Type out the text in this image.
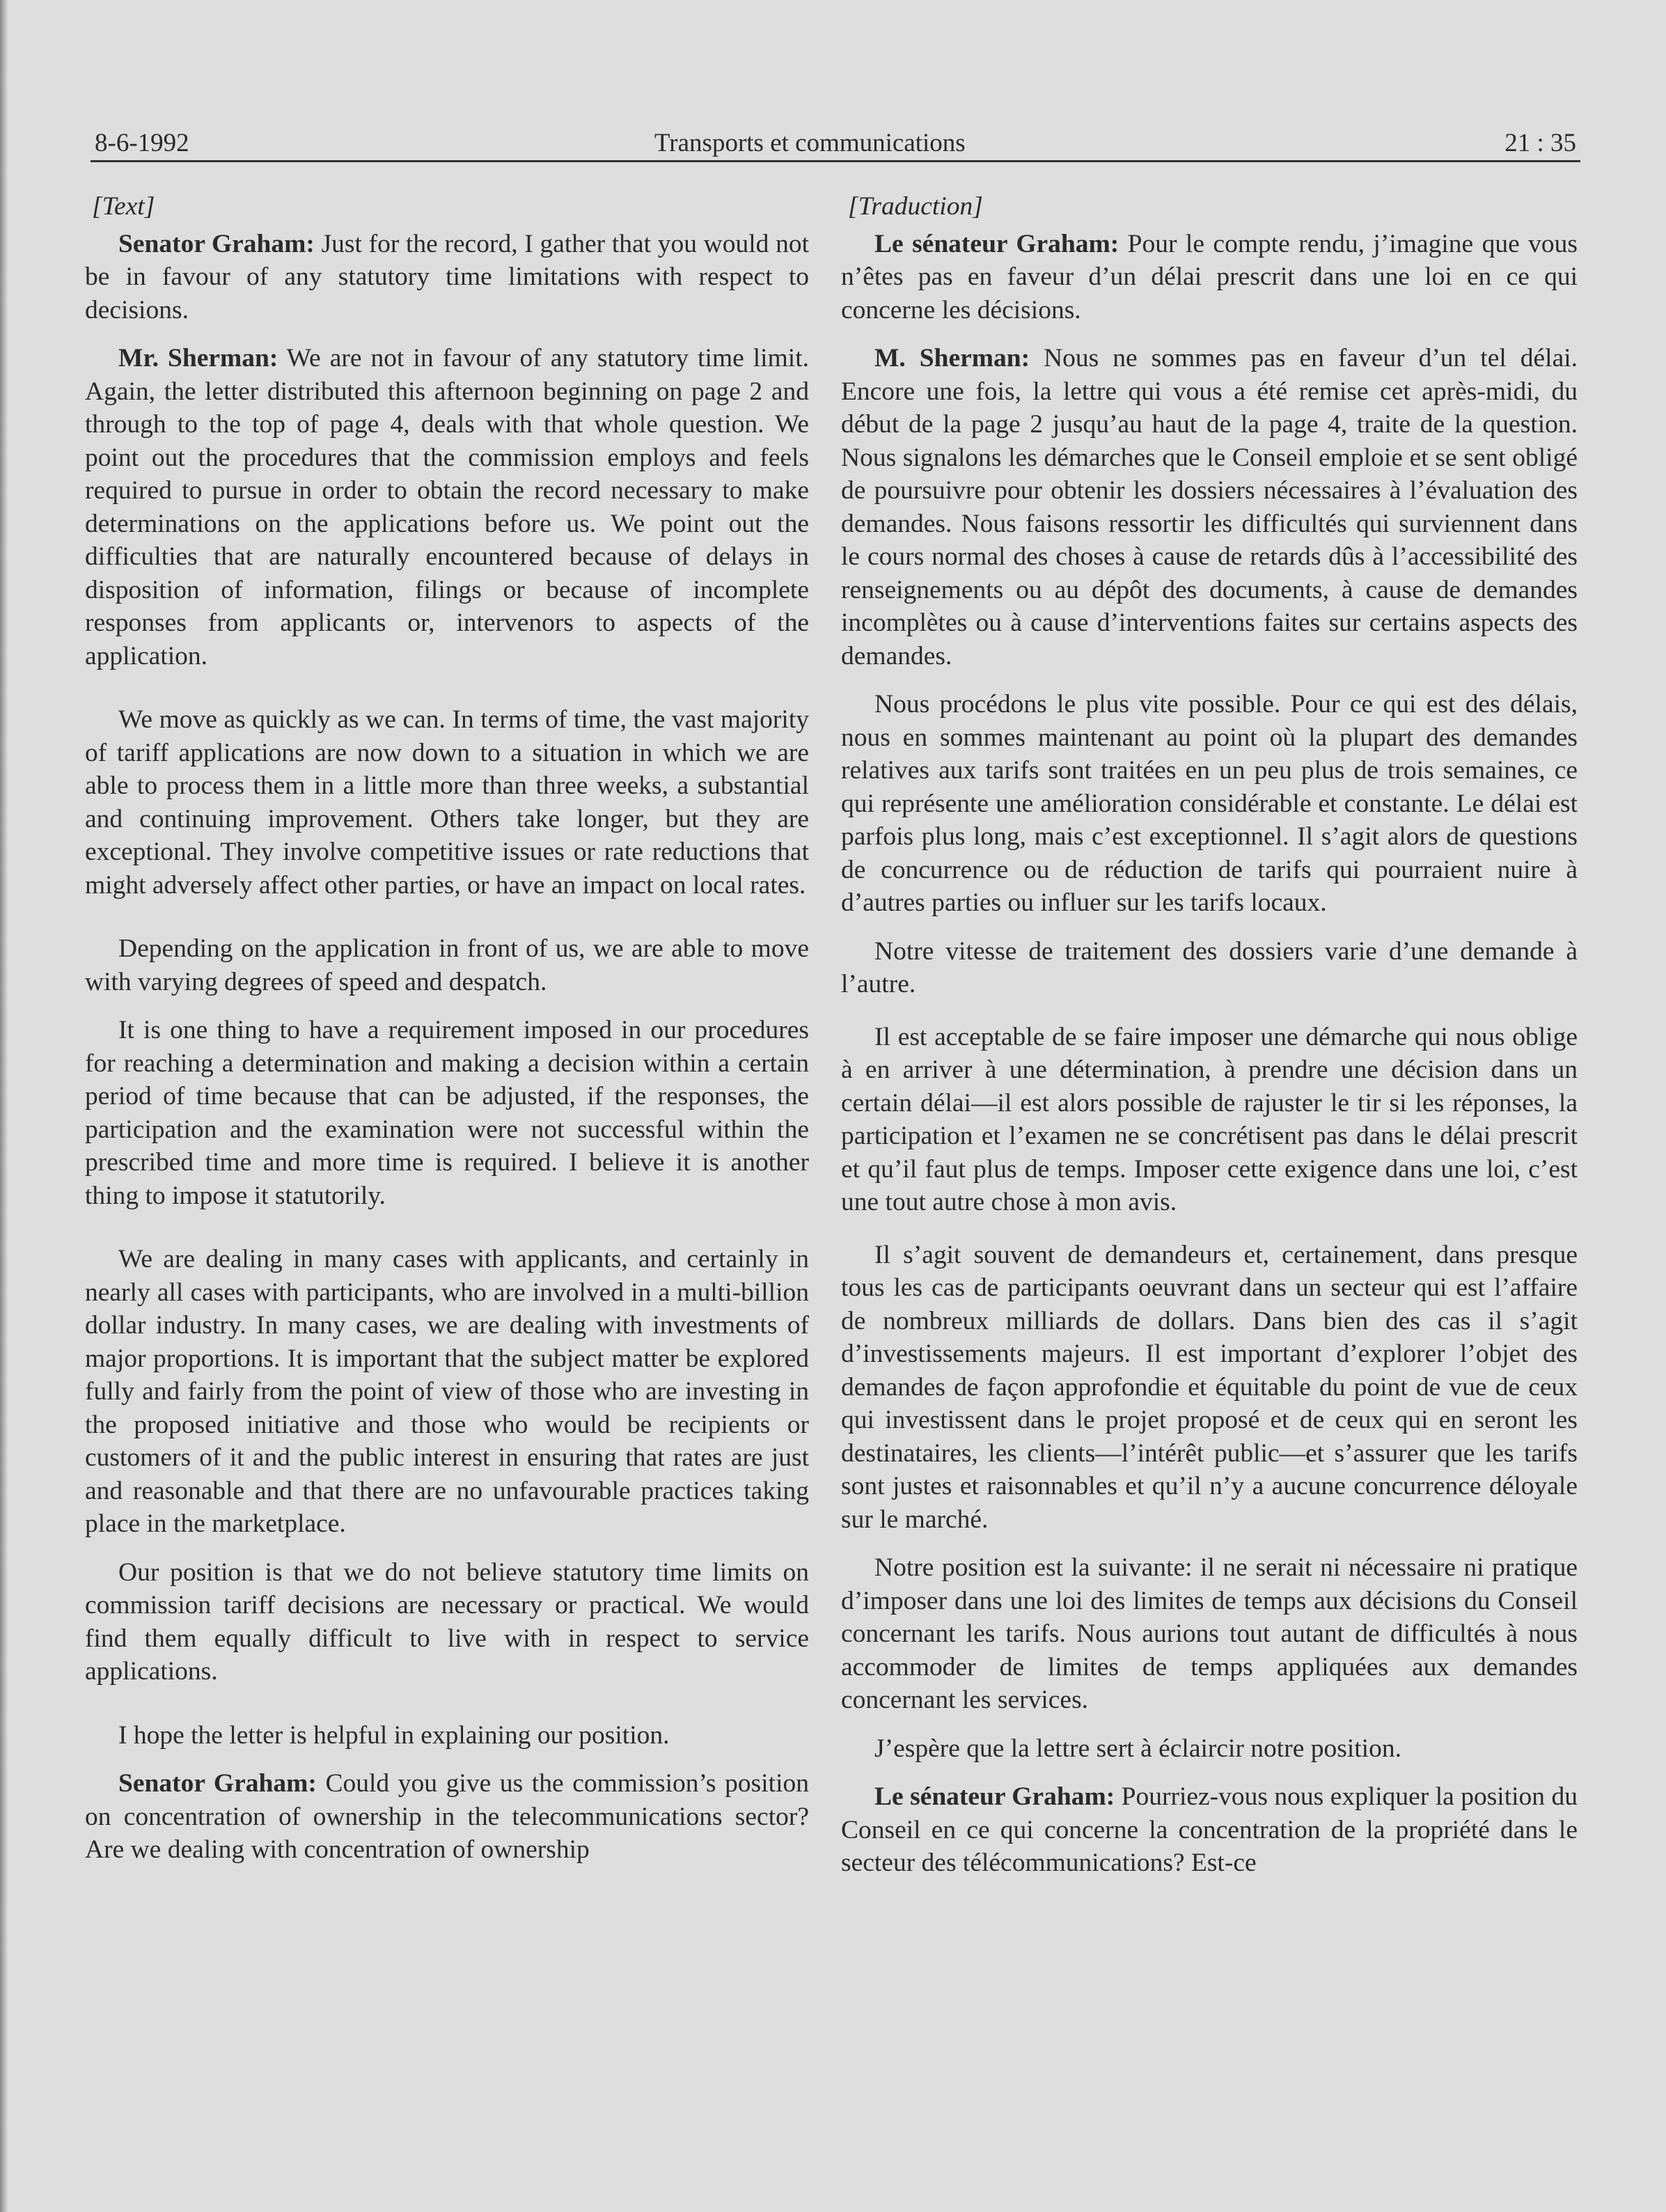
8-6-1992	Transports et communications	21 : 35

[Text]

Senator Graham: Just for the record, I gather that you would not be in favour of any statutory time limitations with respect to decisions.

Mr. Sherman: We are not in favour of any statutory time limit. Again, the letter distributed this afternoon beginning on page 2 and through to the top of page 4, deals with that whole question. We point out the procedures that the commission employs and feels required to pursue in order to obtain the record necessary to make determinations on the applications before us. We point out the difficulties that are naturally encountered because of delays in disposition of information, filings or because of incomplete responses from applicants or, intervenors to aspects of the application.

We move as quickly as we can. In terms of time, the vast majority of tariff applications are now down to a situation in which we are able to process them in a little more than three weeks, a substantial and continuing improvement. Others take longer, but they are exceptional. They involve competitive issues or rate reductions that might adversely affect other parties, or have an impact on local rates.

Depending on the application in front of us, we are able to move with varying degrees of speed and despatch.

It is one thing to have a requirement imposed in our procedures for reaching a determination and making a decision within a certain period of time because that can be adjusted, if the responses, the participation and the examination were not successful within the prescribed time and more time is required. I believe it is another thing to impose it statutorily.

We are dealing in many cases with applicants, and certainly in nearly all cases with participants, who are involved in a multi-billion dollar industry. In many cases, we are dealing with investments of major proportions. It is important that the subject matter be explored fully and fairly from the point of view of those who are investing in the proposed initiative and those who would be recipients or customers of it and the public interest in ensuring that rates are just and reasonable and that there are no unfavourable practices taking place in the marketplace.

Our position is that we do not believe statutory time limits on commission tariff decisions are necessary or practical. We would find them equally difficult to live with in respect to service applications.

I hope the letter is helpful in explaining our position.

Senator Graham: Could you give us the commission’s position on concentration of ownership in the telecommunications sector? Are we dealing with concentration of ownership

[Traduction]

Le sénateur Graham: Pour le compte rendu, j’imagine que vous n’êtes pas en faveur d’un délai prescrit dans une loi en ce qui concerne les décisions.

M. Sherman: Nous ne sommes pas en faveur d’un tel délai. Encore une fois, la lettre qui vous a été remise cet après-midi, du début de la page 2 jusqu’au haut de la page 4, traite de la question. Nous signalons les démarches que le Conseil emploie et se sent obligé de poursuivre pour obtenir les dossiers nécessaires à l’évaluation des demandes. Nous faisons ressortir les difficultés qui surviennent dans le cours normal des choses à cause de retards dûs à l’accessibilité des renseignements ou au dépôt des documents, à cause de demandes incomplètes ou à cause d’interventions faites sur certains aspects des demandes.

Nous procédons le plus vite possible. Pour ce qui est des délais, nous en sommes maintenant au point où la plupart des demandes relatives aux tarifs sont traitées en un peu plus de trois semaines, ce qui représente une amélioration considérable et constante. Le délai est parfois plus long, mais c’est exceptionnel. Il s’agit alors de questions de concurrence ou de réduction de tarifs qui pourraient nuire à d’autres parties ou influer sur les tarifs locaux.

Notre vitesse de traitement des dossiers varie d’une demande à l’autre.

Il est acceptable de se faire imposer une démarche qui nous oblige à en arriver à une détermination, à prendre une décision dans un certain délai—il est alors possible de rajuster le tir si les réponses, la participation et l’examen ne se concrétisent pas dans le délai prescrit et qu’il faut plus de temps. Imposer cette exigence dans une loi, c’est une tout autre chose à mon avis.

Il s’agit souvent de demandeurs et, certainement, dans presque tous les cas de participants oeuvrant dans un secteur qui est l’affaire de nombreux milliards de dollars. Dans bien des cas il s’agit d’investissements majeurs. Il est important d’explorer l’objet des demandes de façon approfondie et équitable du point de vue de ceux qui investissent dans le projet proposé et de ceux qui en seront les destinataires, les clients—l’intérêt public—et s’assurer que les tarifs sont justes et raisonnables et qu’il n’y a aucune concurrence déloyale sur le marché.

Notre position est la suivante: il ne serait ni nécessaire ni pratique d’imposer dans une loi des limites de temps aux décisions du Conseil concernant les tarifs. Nous aurions tout autant de difficultés à nous accommoder de limites de temps appliquées aux demandes concernant les services.

J’espère que la lettre sert à éclaircir notre position.

Le sénateur Graham: Pourriez-vous nous expliquer la position du Conseil en ce qui concerne la concentration de la propriété dans le secteur des télécommunications? Est-ce
